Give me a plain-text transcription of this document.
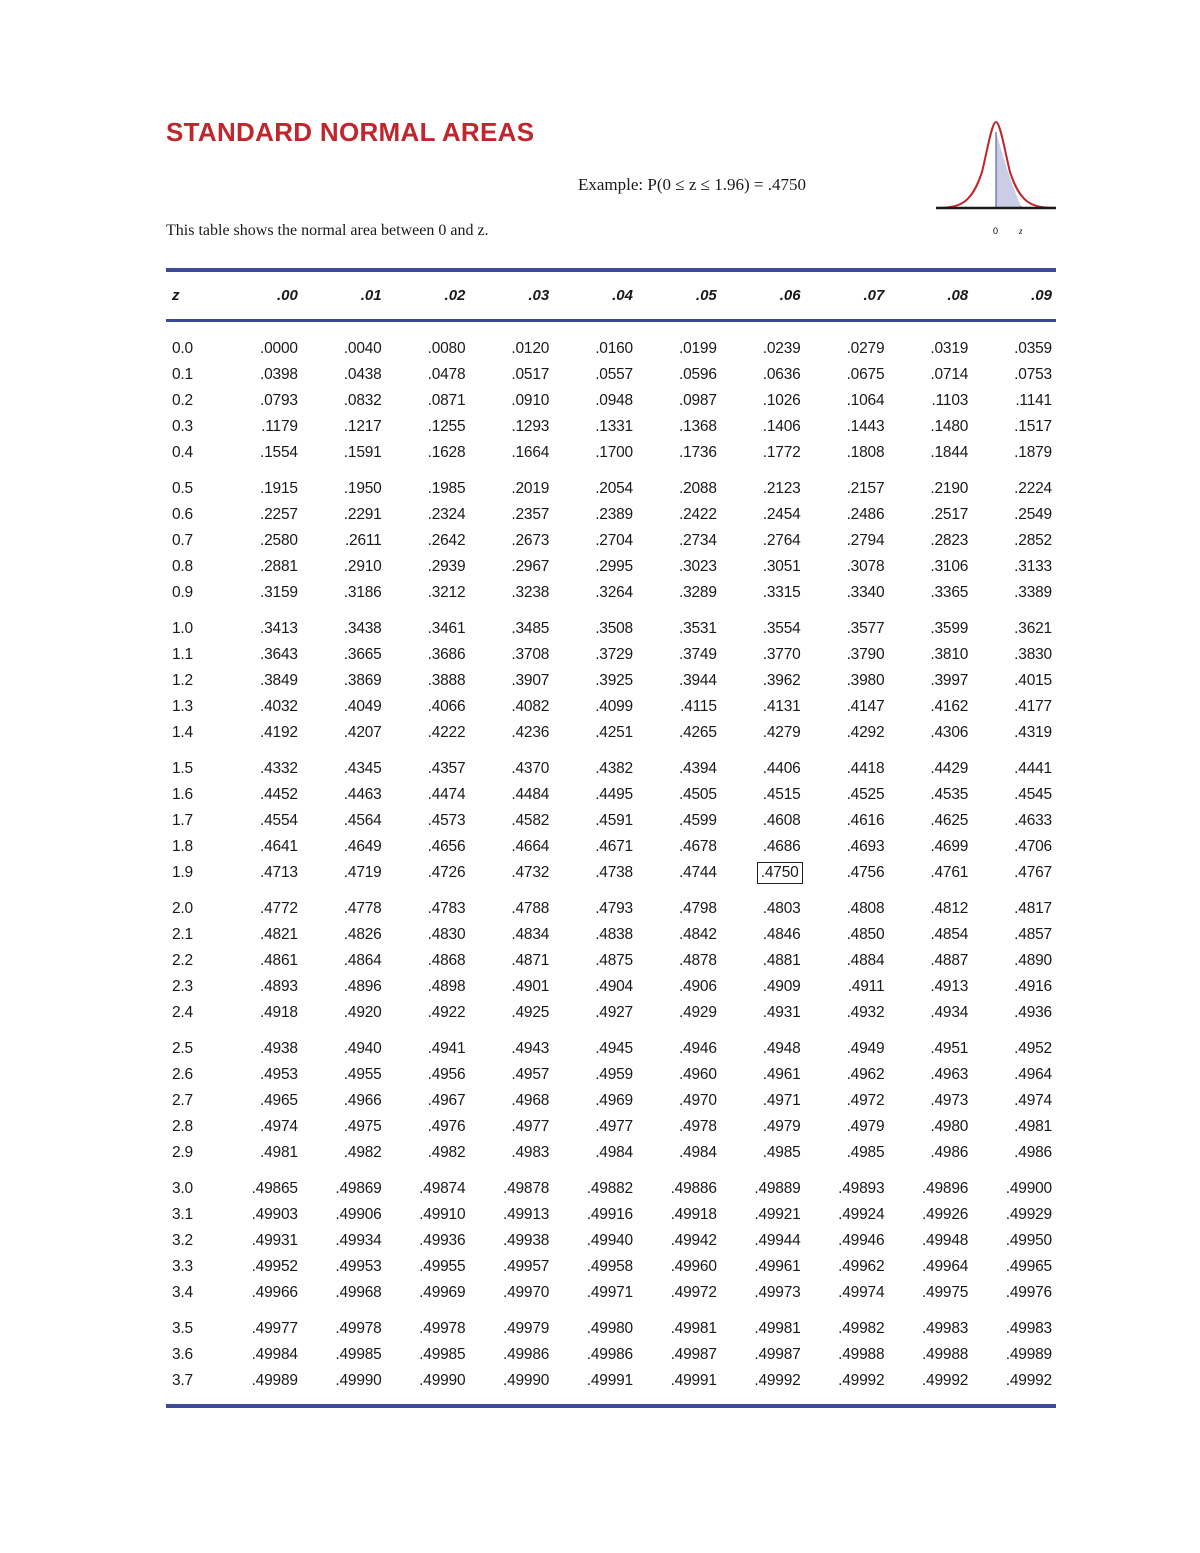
STANDARD NORMAL AREAS
Example: P(0 ≤ z ≤ 1.96) = .4750
This table shows the normal area between 0 and z.	0 z
z	.00	.01	.02	.03	.04	.05	.06	.07	.08	.09
0.0	.0000	.0040	.0080	.0120	.0160	.0199	.0239	.0279	.0319	.0359
0.1	.0398	.0438	.0478	.0517	.0557	.0596	.0636	.0675	.0714	.0753
0.2	.0793	.0832	.0871	.0910	.0948	.0987	.1026	.1064	.1103	.1141
0.3	.1179	.1217	.1255	.1293	.1331	.1368	.1406	.1443	.1480	.1517
0.4	.1554	.1591	.1628	.1664	.1700	.1736	.1772	.1808	.1844	.1879
0.5	.1915	.1950	.1985	.2019	.2054	.2088	.2123	.2157	.2190	.2224
0.6	.2257	.2291	.2324	.2357	.2389	.2422	.2454	.2486	.2517	.2549
0.7	.2580	.2611	.2642	.2673	.2704	.2734	.2764	.2794	.2823	.2852
0.8	.2881	.2910	.2939	.2967	.2995	.3023	.3051	.3078	.3106	.3133
0.9	.3159	.3186	.3212	.3238	.3264	.3289	.3315	.3340	.3365	.3389
1.0	.3413	.3438	.3461	.3485	.3508	.3531	.3554	.3577	.3599	.3621
1.1	.3643	.3665	.3686	.3708	.3729	.3749	.3770	.3790	.3810	.3830
1.2	.3849	.3869	.3888	.3907	.3925	.3944	.3962	.3980	.3997	.4015
1.3	.4032	.4049	.4066	.4082	.4099	.4115	.4131	.4147	.4162	.4177
1.4	.4192	.4207	.4222	.4236	.4251	.4265	.4279	.4292	.4306	.4319
1.5	.4332	.4345	.4357	.4370	.4382	.4394	.4406	.4418	.4429	.4441
1.6	.4452	.4463	.4474	.4484	.4495	.4505	.4515	.4525	.4535	.4545
1.7	.4554	.4564	.4573	.4582	.4591	.4599	.4608	.4616	.4625	.4633
1.8	.4641	.4649	.4656	.4664	.4671	.4678	.4686	.4693	.4699	.4706
1.9	.4713	.4719	.4726	.4732	.4738	.4744	.4750	.4756	.4761	.4767
2.0	.4772	.4778	.4783	.4788	.4793	.4798	.4803	.4808	.4812	.4817
2.1	.4821	.4826	.4830	.4834	.4838	.4842	.4846	.4850	.4854	.4857
2.2	.4861	.4864	.4868	.4871	.4875	.4878	.4881	.4884	.4887	.4890
2.3	.4893	.4896	.4898	.4901	.4904	.4906	.4909	.4911	.4913	.4916
2.4	.4918	.4920	.4922	.4925	.4927	.4929	.4931	.4932	.4934	.4936
2.5	.4938	.4940	.4941	.4943	.4945	.4946	.4948	.4949	.4951	.4952
2.6	.4953	.4955	.4956	.4957	.4959	.4960	.4961	.4962	.4963	.4964
2.7	.4965	.4966	.4967	.4968	.4969	.4970	.4971	.4972	.4973	.4974
2.8	.4974	.4975	.4976	.4977	.4977	.4978	.4979	.4979	.4980	.4981
2.9	.4981	.4982	.4982	.4983	.4984	.4984	.4985	.4985	.4986	.4986
3.0	.49865	.49869	.49874	.49878	.49882	.49886	.49889	.49893	.49896	.49900
3.1	.49903	.49906	.49910	.49913	.49916	.49918	.49921	.49924	.49926	.49929
3.2	.49931	.49934	.49936	.49938	.49940	.49942	.49944	.49946	.49948	.49950
3.3	.49952	.49953	.49955	.49957	.49958	.49960	.49961	.49962	.49964	.49965
3.4	.49966	.49968	.49969	.49970	.49971	.49972	.49973	.49974	.49975	.49976
3.5	.49977	.49978	.49978	.49979	.49980	.49981	.49981	.49982	.49983	.49983
3.6	.49984	.49985	.49985	.49986	.49986	.49987	.49987	.49988	.49988	.49989
3.7	.49989	.49990	.49990	.49990	.49991	.49991	.49992	.49992	.49992	.49992
